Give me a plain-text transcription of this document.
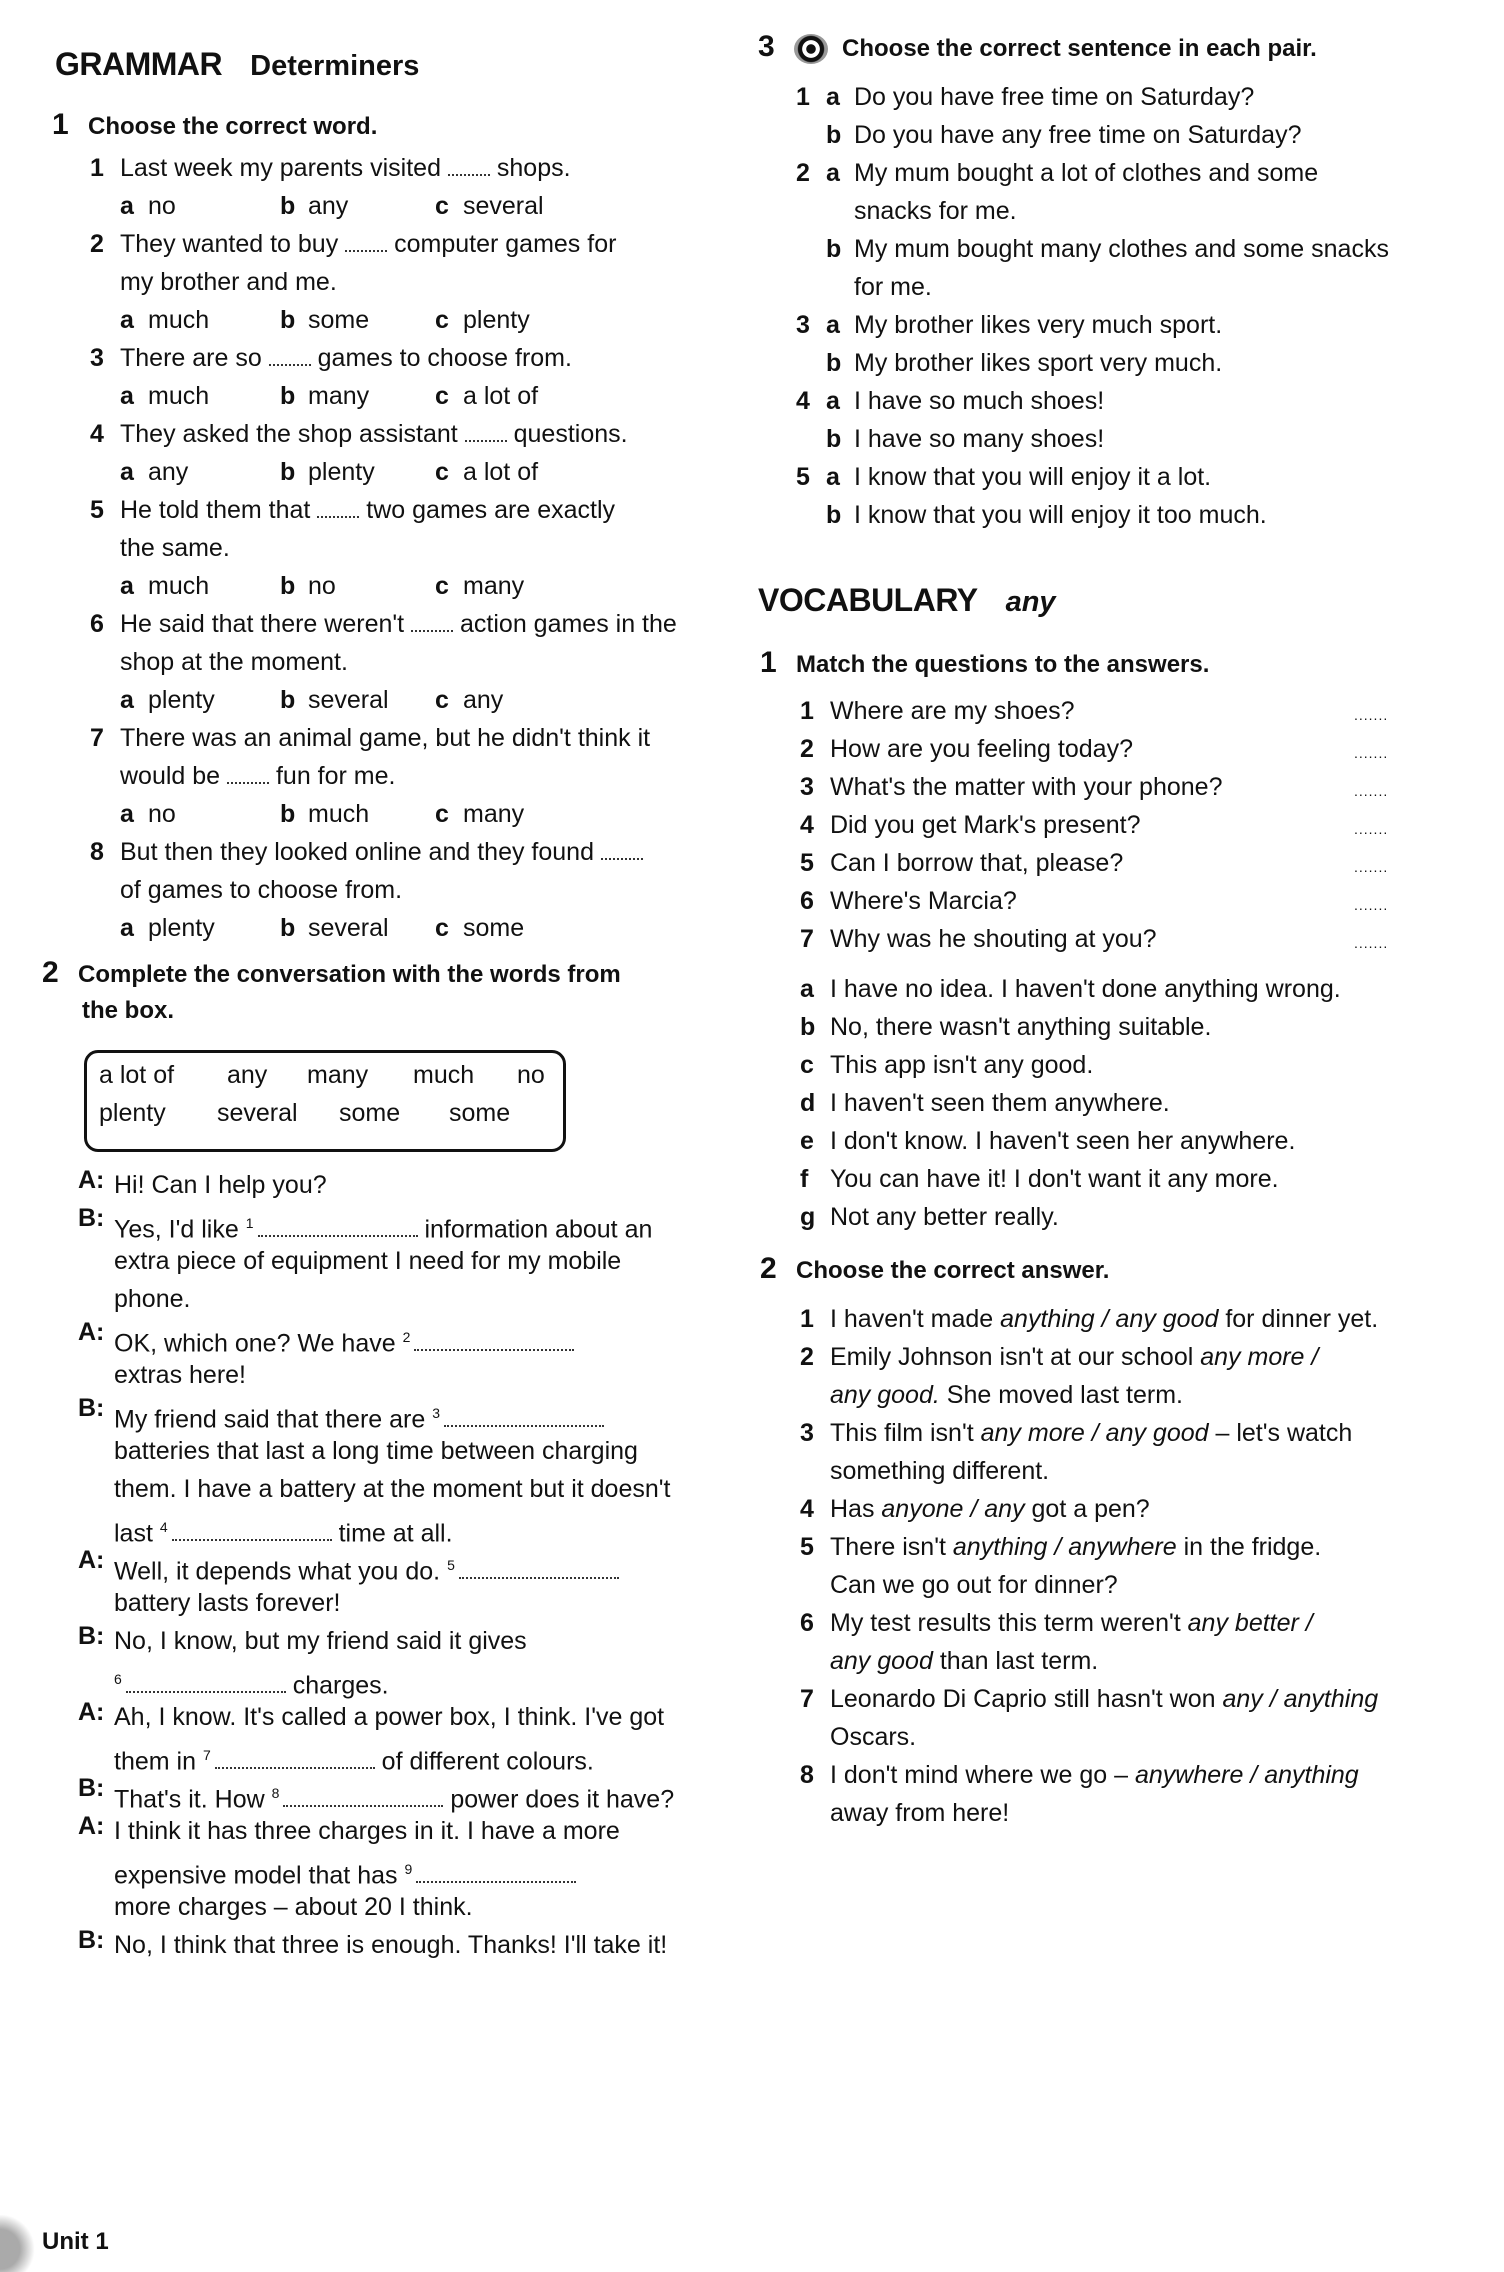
GRAMMAR Determiners
1 Choose the correct word.
1 Last week my parents visited shops.
a no	b any	c several
2 They wanted to buy computer games for
my brother and me.
a much	b some	c plenty
3 There are so games to choose from.
a much	b many	c a lot of
4 They asked the shop assistant questions.
a any	b plenty c a lot of
5 He told them that two games are exactly
the same.
a much	b no	c many
6 He said that there weren't action games in the
shop at the moment.
a plenty	b several c any
7 There was an animal game, but he didn't think it
would be fun for me.
a no	b much	c many
8 But then they looked online and they found
of games to choose from.
a plenty	b several c some
2 Complete the conversation with the words from
the box.
a lot of any many much no
plenty several some some
A: Hi! Can I help you?
B: Yes, I'd like $^1$	information about an
extra piece of equipment I need for my mobile
phone.
A: OK, which one? We have $^2$
extras here!
B: My friend said that there are $^3$
batteries that last a long time between charging
them. I have a battery at the moment but it doesn't
last $^4$	time at all.
A: Well, it depends what you do. $^5$
battery lasts forever!
B: No, I know, but my friend said it gives
$^6$	charges.
A: Ah, I know. It's called a power box, I think. I've got
them in $^7$	of different colours.
B: That's it. How $^8$	power does it have?
A: I think it has three charges in it. I have a more
expensive model that has $^9$
more charges – about 20 I think.
B: No, I think that three is enough. Thanks! I'll take it!
3	Choose the correct sentence in each pair.
1 a Do you have free time on Saturday?
b Do you have any free time on Saturday?
2 a My mum bought a lot of clothes and some
snacks for me.
b My mum bought many clothes and some snacks
for me.
3 a My brother likes very much sport.
b My brother likes sport very much.
4 a I have so much shoes!
b I have so many shoes!
5 a I know that you will enjoy it a lot.
b I know that you will enjoy it too much.
VOCABULARY any
1 Match the questions to the answers.
1 Where are my shoes?	.......
2 How are you feeling today?	.......
3 What's the matter with your phone?	.......
4 Did you get Mark's present?	.......
5 Can I borrow that, please?	.......
6 Where's Marcia?	.......
7 Why was he shouting at you?	.......
a I have no idea. I haven't done anything wrong.
b No, there wasn't anything suitable.
c This app isn't any good.
d I haven't seen them anywhere.
e I don't know. I haven't seen her anywhere.
f You can have it! I don't want it any more.
g Not any better really.
2 Choose the correct answer.
1 I haven't made anything / any good for dinner yet.
2 Emily Johnson isn't at our school any more /
any good. She moved last term.
3 This film isn't any more / any good – let's watch
something different.
4 Has anyone / any got a pen?
5 There isn't anything / anywhere in the fridge.
Can we go out for dinner?
6 My test results this term weren't any better /
any good than last term.
7 Leonardo Di Caprio still hasn't won any / anything
Oscars.
8 I don't mind where we go – anywhere / anything
away from here!
Unit 1
